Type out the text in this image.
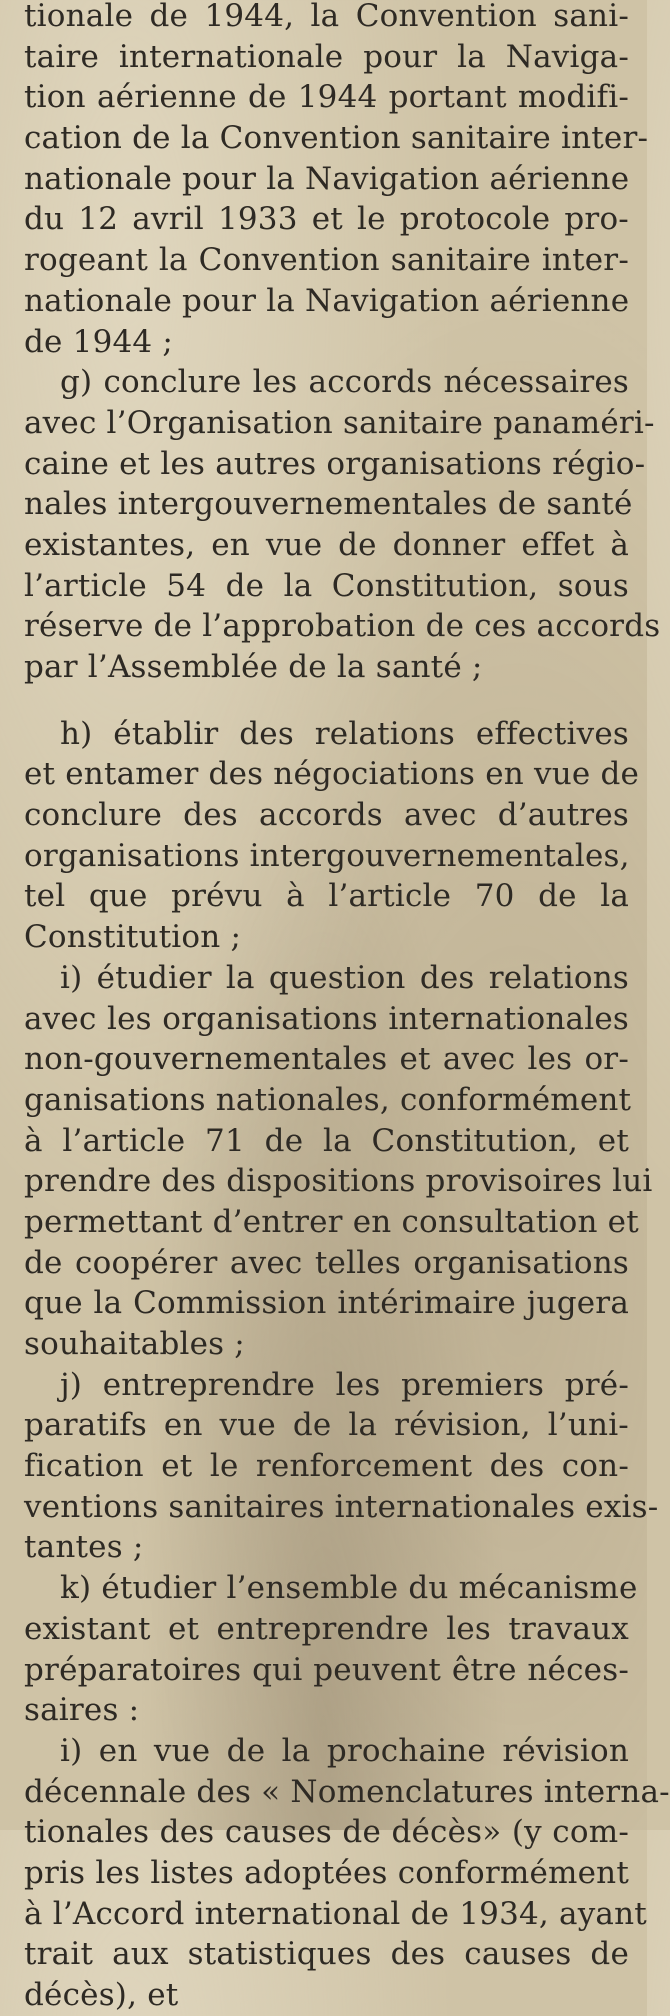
tionale de 1944, la Convention sani-
taire internationale pour la Naviga-
tion aérienne de 1944 portant modifi-
cation de la Convention sanitaire inter-
nationale pour la Navigation aérienne
du 12 avril 1933 et le protocole pro-
rogeant la Convention sanitaire inter-
nationale pour la Navigation aérienne
de 1944 ;
g) conclure les accords nécessaires
avec l’Organisation sanitaire panaméri-
caine et les autres organisations régio-
nales intergouvernementales de santé
existantes, en vue de donner effet à
l’article 54 de la Constitution, sous
réserve de l’approbation de ces accords
par l’Assemblée de la santé ;
h) établir des relations effectives
et entamer des négociations en vue de
conclure des accords avec d’autres
organisations intergouvernementales,
tel que prévu à l’article 70 de la
Constitution ;
i) étudier la question des relations
avec les organisations internationales
non-gouvernementales et avec les or-
ganisations nationales, conformément
à l’article 71 de la Constitution, et
prendre des dispositions provisoires lui
permettant d’entrer en consultation et
de coopérer avec telles organisations
que la Commission intérimaire jugera
souhaitables ;
j) entreprendre les premiers pré-
paratifs en vue de la révision, l’uni-
fication et le renforcement des con-
ventions sanitaires internationales exis-
tantes ;
k) étudier l’ensemble du mécanisme
existant et entreprendre les travaux
préparatoires qui peuvent être néces-
saires :
i) en vue de la prochaine révision
décennale des « Nomenclatures interna-
tionales des causes de décès» (y com-
pris les listes adoptées conformément
à l’Accord international de 1934, ayant
trait aux statistiques des causes de
décès), et
